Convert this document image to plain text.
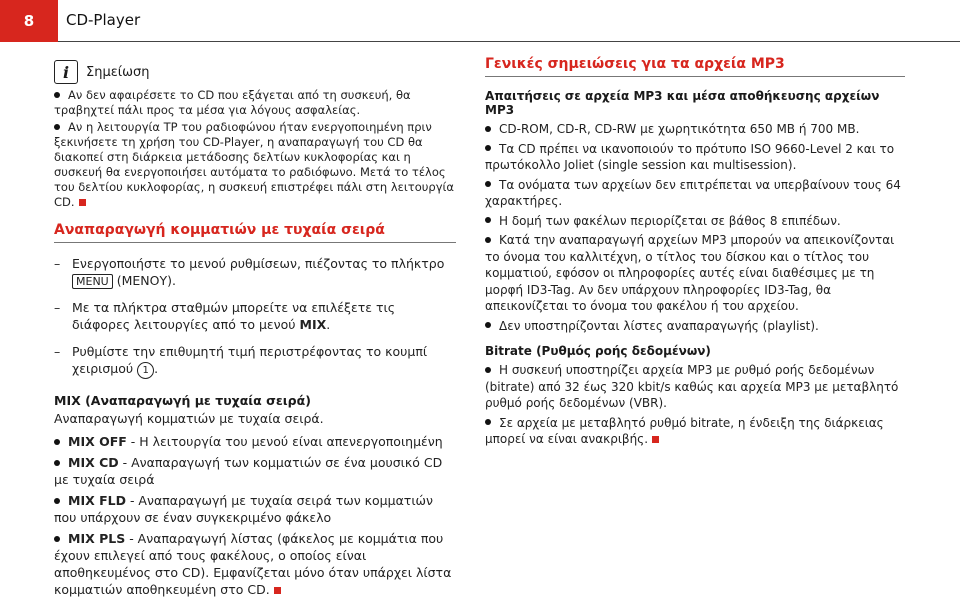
8	CD-Player
i	Σημείωση

Αν δεν αφαιρέσετε το CD που εξάγεται από τη συσκευή, θα τραβηχτεί πάλι προς τα μέσα για λόγους ασφαλείας.

Αν η λειτουργία TP του ραδιοφώνου ήταν ενεργοποιημένη πριν ξεκινήσετε τη χρήση του CD-Player, η αναπαραγωγή του CD θα διακοπεί στη διάρκεια μετάδοσης δελτίων κυκλοφορίας και η συσκευή θα ενεργοποιήσει αυτόματα το ραδιόφωνο. Μετά το τέλος του δελτίου κυκλοφορίας, η συσκευή επιστρέφει πάλι στη λειτουργία CD.

Αναπαραγωγή κομματιών με τυχαία σειρά

– Ενεργοποιήστε το μενού ρυθμίσεων, πιέζοντας το πλήκτρο MENU (ΜΕΝΟΥ).

– Με τα πλήκτρα σταθμών μπορείτε να επιλέξετε τις διάφορες λειτουργίες από το μενού MIX.

– Ρυθμίστε την επιθυμητή τιμή περιστρέφοντας το κουμπί χειρισμού 1 .

MIX (Αναπαραγωγή με τυχαία σειρά)

Αναπαραγωγή κομματιών με τυχαία σειρά.

MIX OFF - Η λειτουργία του μενού είναι απενεργοποιημένη

MIX CD - Αναπαραγωγή των κομματιών σε ένα μουσικό CD με τυχαία σειρά

MIX FLD - Αναπαραγωγή με τυχαία σειρά των κομματιών που υπάρχουν σε έναν συγκεκριμένο φάκελο

MIX PLS - Αναπαραγωγή λίστας (φάκελος με κομμάτια που έχουν επιλεγεί από τους φακέλους, ο οποίος είναι αποθηκευμένος στο CD). Εμφανίζεται μόνο όταν υπάρχει λίστα κομματιών αποθηκευμένη στο CD.

Γενικές σημειώσεις για τα αρχεία MP3

Απαιτήσεις σε αρχεία MP3 και μέσα αποθήκευσης αρχείων MP3

CD-ROM, CD-R, CD-RW με χωρητικότητα 650 MB ή 700 MB.

Τα CD πρέπει να ικανοποιούν το πρότυπο ISO 9660-Level 2 και το πρωτόκολλο Joliet (single session και multisession).

Τα ονόματα των αρχείων δεν επιτρέπεται να υπερβαίνουν τους 64 χαρακτήρες.

Η δομή των φακέλων περιορίζεται σε βάθος 8 επιπέδων.

Κατά την αναπαραγωγή αρχείων MP3 μπορούν να απεικονίζονται το όνομα του καλλιτέχνη, ο τίτλος του δίσκου και ο τίτλος του κομματιού, εφόσον οι πληροφορίες αυτές είναι διαθέσιμες με τη μορφή ID3-Tag. Αν δεν υπάρχουν πληροφορίες ID3-Tag, θα απεικονίζεται το όνομα του φακέλου ή του αρχείου.

Δεν υποστηρίζονται λίστες αναπαραγωγής (playlist).

Bitrate (Ρυθμός ροής δεδομένων)

Η συσκευή υποστηρίζει αρχεία MP3 με ρυθμό ροής δεδομένων (bitrate) από 32 έως 320 kbit/s καθώς και αρχεία MP3 με μεταβλητό ρυθμό ροής δεδομένων (VBR).

Σε αρχεία με μεταβλητό ρυθμό bitrate, η ένδειξη της διάρκειας μπορεί να είναι ανακριβής.
